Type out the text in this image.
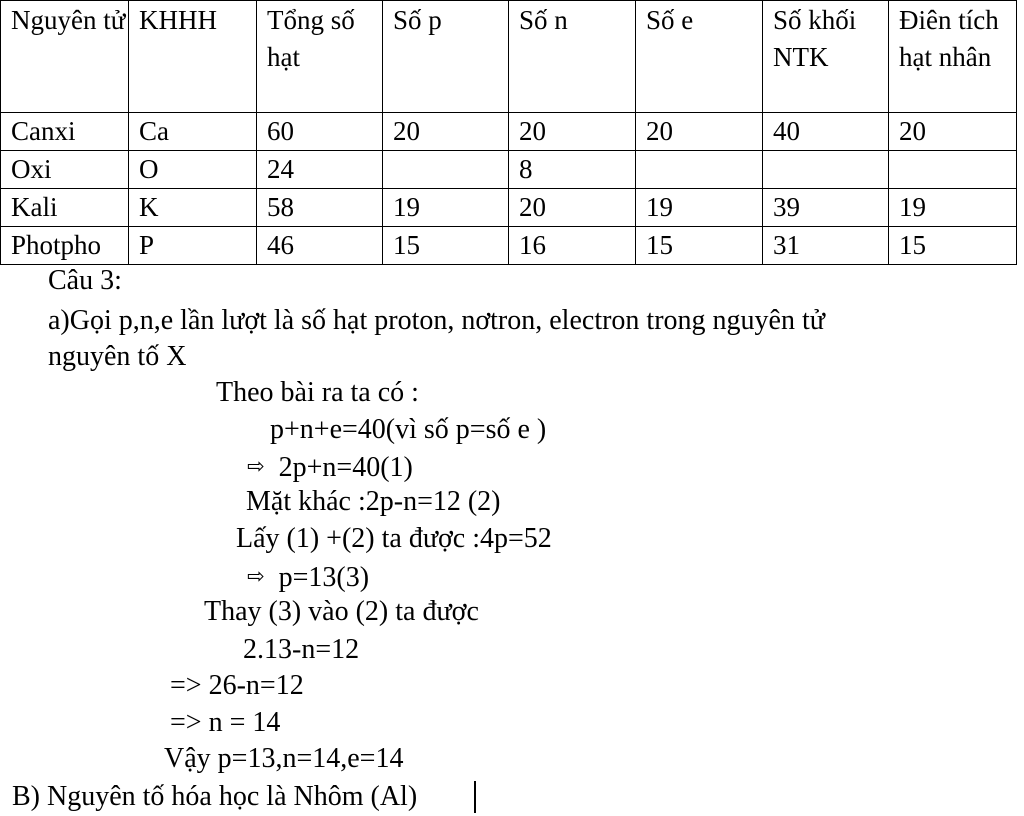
Nguyên tử	KHHH	Tổng số hạt	Số p	Số n	Số e	Số khối NTK	Điên tích hạt nhân
Canxi	Ca	60	20	20	20	40	20
Oxi	O	24		8			
Kali	K	58	19	20	19	39	19
Photpho	P	46	15	16	15	31	15
Câu 3:
a)Gọi p,n,e lần lượt là số hạt proton, nơtron, electron trong nguyên tử
nguyên tố X
Theo bài ra ta có :
p+n+e=40(vì số p=số e )
⇨ 2p+n=40(1)
Mặt khác :2p-n=12 (2)
Lấy (1) +(2) ta được :4p=52
⇨ p=13(3)
Thay (3) vào (2) ta được
2.13-n=12
=> 26-n=12
=> n = 14
Vậy p=13,n=14,e=14
B) Nguyên tố hóa học là Nhôm (Al)
